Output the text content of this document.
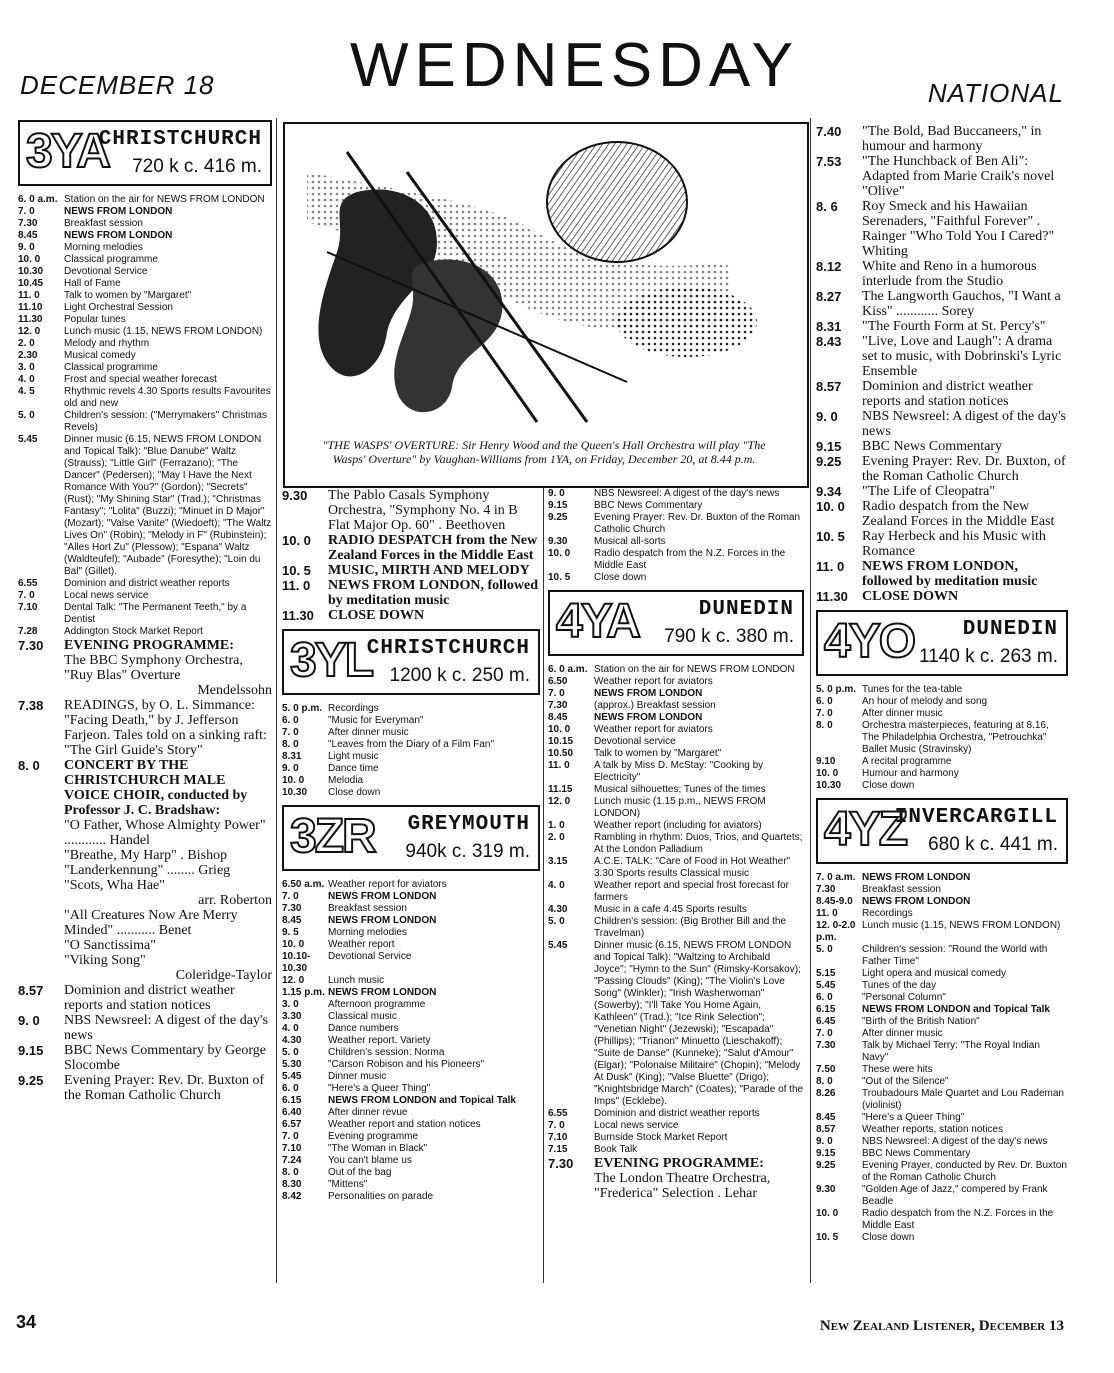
DECEMBER 18 WEDNESDAY	NATIONAL
3YA
CHRISTCHURCH
720 k c. 416 m.
6. 0 a.m. Station on the air for NEWS FROM LONDON
7. 0	NEWS FROM LONDON
7.30	Breakfast session
8.45	NEWS FROM LONDON
9. 0	Morning melodies
10. 0	Classical programme
10.30	Devotional Service
10.45	Hall of Fame
11. 0	Talk to women by "Margaret"
11.10	Light Orchestral Session
11.30	Popular tunes
12. 0	Lunch music (1.15, NEWS FROM LONDON)
2. 0	Melody and rhythm
2.30	Musical comedy
3. 0	Classical programme
4. 0	Frost and special weather forecast
4. 5	Rhythmic revels 4.30 Sports results Favourites old and new
5. 0	Children's session: ("Merrymakers" Christmas Revels)
5.45	Dinner music (6.15, NEWS FROM LONDON and Topical Talk): "Blue Danube" Waltz (Strauss); "Little Girl" (Ferrazano); "The Dancer" (Pedersen); "May I Have the Next Romance With You?" (Gordon); "Secrets" (Rust); "My Shining Star" (Trad.); "Christmas Fantasy"; "Lolita" (Buzzi); "Minuet in D Major" (Mozart); "Valse Vanite" (Wiedoeft); "The Waltz Lives On" (Robin); "Melody in F" (Rubinstein); "Alles Hort Zu" (Plessow); "Espana" Waltz (Waldteufel); "Aubade" (Foresythe); "Loin du Bal" (Gillet).
6.55	Dominion and district weather reports
7. 0	Local news service
7.10	Dental Talk: "The Permanent Teeth," by a Dentist
7.28	Addington Stock Market Report
7.30	EVENING PROGRAMME:
The BBC Symphony Orchestra,
"Ruy Blas" Overture
Mendelssohn
7.38	READINGS, by O. L. Simmance:
"Facing Death," by J. Jefferson Farjeon. Tales told on a sinking raft:
"The Girl Guide's Story"
8. 0	CONCERT BY THE CHRISTCHURCH MALE VOICE CHOIR, conducted by Professor J. C. Bradshaw:
"O Father, Whose Almighty Power" ............ Handel
"Breathe, My Harp" . Bishop
"Landerkennung" ........ Grieg
"Scots, Wha Hae"
arr. Roberton
"All Creatures Now Are Merry Minded" ........... Benet
"O Sanctissima"
"Viking Song"
Coleridge-Taylor
8.57	Dominion and district weather reports and station notices
9. 0	NBS Newsreel: A digest of the day's news
9.15	BBC News Commentary by George Slocombe
9.25	Evening Prayer: Rev. Dr. Buxton of the Roman Catholic Church
"THE WASPS' OVERTURE: Sir Henry Wood and the Queen's Hall Orchestra will play "The Wasps' Overture" by Vaughan-Williams from 1YA, on Friday, December 20, at 8.44 p.m.
9.30	The Pablo Casals Symphony Orchestra, "Symphony No. 4 in B Flat Major Op. 60" . Beethoven
10. 0	RADIO DESPATCH from the New Zealand Forces in the Middle East
10. 5	MUSIC, MIRTH AND MELODY
11. 0	NEWS FROM LONDON, followed by meditation music
11.30	CLOSE DOWN
3YL
CHRISTCHURCH
1200 k c. 250 m.
5. 0 p.m. Recordings
6. 0	"Music for Everyman"
7. 0	After dinner music
8. 0	"Leaves from the Diary of a Film Fan"
8.31	Light music
9. 0	Dance time
10. 0	Melodia
10.30	Close down
3ZR GREYMOUTH
940k c. 319 m.
6.50 a.m. Weather report for aviators
7. 0	NEWS FROM LONDON
7.30	Breakfast session
8.45	NEWS FROM LONDON
9. 5	Morning melodies
10. 0	Weather report
10.10-10.30
Devotional Service
12. 0	Lunch music
1.15 p.m. NEWS FROM LONDON
3. 0	Afternoon programme
3.30	Classical music
4. 0	Dance numbers
4.30	Weather report. Variety
5. 0	Children's session: Norma
5.30	"Carson Robison and his Pioneers"
5.45	Dinner music
6. 0	"Here's a Queer Thing"
6.15	NEWS FROM LONDON and Topical Talk
6.40	After dinner revue
6.57	Weather report and station notices
7. 0	Evening programme
7.10	"The Woman in Black"
7.24	You can't blame us
8. 0	Out of the bag
8.30	"Mittens"
8.42	Personalities on parade
9. 0	NBS Newsreel: A digest of the day's news
9.15	BBC News Commentary
9.25	Evening Prayer: Rev. Dr. Buxton of the Roman Catholic Church
9.30	Musical all-sorts
10. 0	Radio despatch from the N.Z. Forces in the Middle East
10. 5	Close down
4YA	DUNEDIN
790 k c. 380 m.
6. 0 a.m. Station on the air for NEWS FROM LONDON
6.50	Weather report for aviators
7. 0	NEWS FROM LONDON
7.30	(approx.) Breakfast session
8.45	NEWS FROM LONDON
10. 0	Weather report for aviators
10.15	Devotional service
10.50	Talk to women by "Margaret"
11. 0	A talk by Miss D. McStay: "Cooking by Electricity"
11.15	Musical silhouettes; Tunes of the times
12. 0	Lunch music (1.15 p.m., NEWS FROM LONDON)
1. 0	Weather report (including for aviators)
2. 0	Rambling in rhythm: Duos, Trios, and Quartets; At the London Palladium
3.15	A.C.E. TALK: "Care of Food in Hot Weather" 3.30 Sports results Classical music
4. 0	Weather report and special frost forecast for farmers
4.30	Music in a cafe 4.45 Sports results
5. 0	Children's session: (Big Brother Bill and the Travelman)
5.45	Dinner music (6.15, NEWS FROM LONDON and Topical Talk): "Waltzing to Archibald Joyce"; "Hymn to the Sun" (Rimsky-Korsakov); "Passing Clouds" (King); "The Violin's Love Song" (Winkler); "Irish Washerwoman" (Sowerby); "I'll Take You Home Again, Kathleen" (Trad.); "Ice Rink Selection"; "Venetian Night" (Jezewski); "Escapada" (Phillips); "Trianon" Minuetto (Lieschakoff); "Suite de Danse" (Kunneke); "Salut d'Amour" (Elgar); "Polonaise Militaire" (Chopin); "Melody At Dusk" (King); "Valse Bluette" (Drigo); "Knightsbridge March" (Coates); "Parade of the Imps" (Ecklebe).
6.55	Dominion and district weather reports
7. 0	Local news service
7.10	Burnside Stock Market Report
7.15	Book Talk
7.30	EVENING PROGRAMME:
The London Theatre Orchestra,
"Frederica" Selection . Lehar
7.40	"The Bold, Bad Buccaneers," in humour and harmony
7.53	"The Hunchback of Ben Ali": Adapted from Marie Craik's novel "Olive"
8. 6	Roy Smeck and his Hawaiian Serenaders, "Faithful Forever" . Rainger "Who Told You I Cared?" Whiting
8.12	White and Reno in a humorous interlude from the Studio
8.27	The Langworth Gauchos, "I Want a Kiss" ............ Sorey
8.31	"The Fourth Form at St. Percy's"
8.43	"Live, Love and Laugh": A drama set to music, with Dobrinski's Lyric Ensemble
8.57	Dominion and district weather reports and station notices
9. 0	NBS Newsreel: A digest of the day's news
9.15	BBC News Commentary
9.25	Evening Prayer: Rev. Dr. Buxton, of the Roman Catholic Church
9.34	"The Life of Cleopatra"
10. 0	Radio despatch from the New Zealand Forces in the Middle East
10. 5	Ray Herbeck and his Music with Romance
11. 0	NEWS FROM LONDON, followed by meditation music
11.30	CLOSE DOWN
4YO DUNEDIN
1140 k c. 263 m.
5. 0 p.m. Tunes for the tea-table
6. 0	An hour of melody and song
7. 0	After dinner music
8. 0	Orchestra masterpieces, featuring at 8.16, The Philadelphia Orchestra, "Petrouchka" Ballet Music (Stravinsky)
9.10	A recital programme
10. 0	Humour and harmony
10.30	Close down
4YZ
INVERCARGILL
680 k c. 441 m.
7. 0 a.m. NEWS FROM LONDON
7.30	Breakfast session
8.45-9.0 NEWS FROM LONDON
11. 0	Recordings
12. 0-2.0 p.m.
Lunch music (1.15, NEWS FROM LONDON)
5. 0	Children's session: "Round the World with Father Time"
5.15	Light opera and musical comedy
5.45	Tunes of the day
6. 0	"Personal Column"
6.15	NEWS FROM LONDON and Topical Talk
6.45	"Birth of the British Nation"
7. 0	After dinner music
7.30	Talk by Michael Terry: "The Royal Indian Navy"
7.50	These were hits
8. 0	"Out of the Silence"
8.26	Troubadours Male Quartet and Lou Rademan (violinist)
8.45	"Here's a Queer Thing"
8.57	Weather reports, station notices
9. 0	NBS Newsreel: A digest of the day's news
9.15	BBC News Commentary
9.25	Evening Prayer, conducted by Rev. Dr. Buxton of the Roman Catholic Church
9.30	"Golden Age of Jazz," compered by Frank Beadle
10. 0	Radio despatch from the N.Z. Forces in the Middle East
10. 5	Close down
34	New Zealand Listener, December 13
